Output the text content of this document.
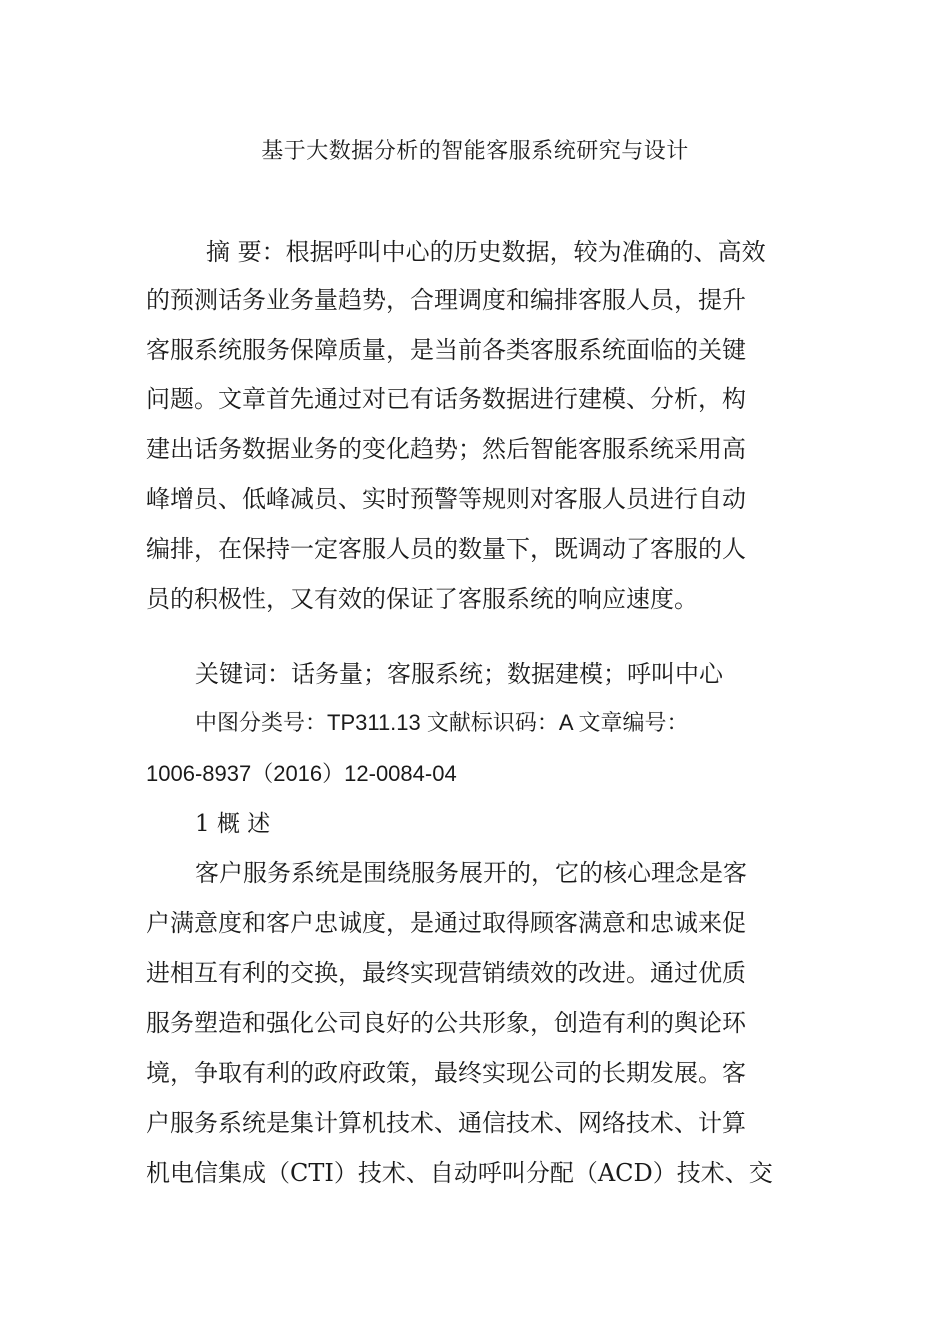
基于大数据分析的智能客服系统研究与设计
摘 要：根据呼叫中心的历史数据，较为准确的、高效
的预测话务业务量趋势，合理调度和编排客服人员，提升
客服系统服务保障质量，是当前各类客服系统面临的关键
问题。文章首先通过对已有话务数据进行建模、分析，构
建出话务数据业务的变化趋势；然后智能客服系统采用高
峰增员、低峰减员、实时预警等规则对客服人员进行自动
编排，在保持一定客服人员的数量下，既调动了客服的人
员的积极性，又有效的保证了客服系统的响应速度。
关键词：话务量；客服系统；数据建模；呼叫中心
中图分类号：TP311.13 文献标识码：A 文章编号：
1006-8937（2016）12-0084-04
1 概 述
客户服务系统是围绕服务展开的，它的核心理念是客
户满意度和客户忠诚度，是通过取得顾客满意和忠诚来促
进相互有利的交换，最终实现营销绩效的改进。通过优质
服务塑造和强化公司良好的公共形象，创造有利的舆论环
境，争取有利的政府政策，最终实现公司的长期发展。客
户服务系统是集计算机技术、通信技术、网络技术、计算
机电信集成（CTI）技术、自动呼叫分配（ACD）技术、交
